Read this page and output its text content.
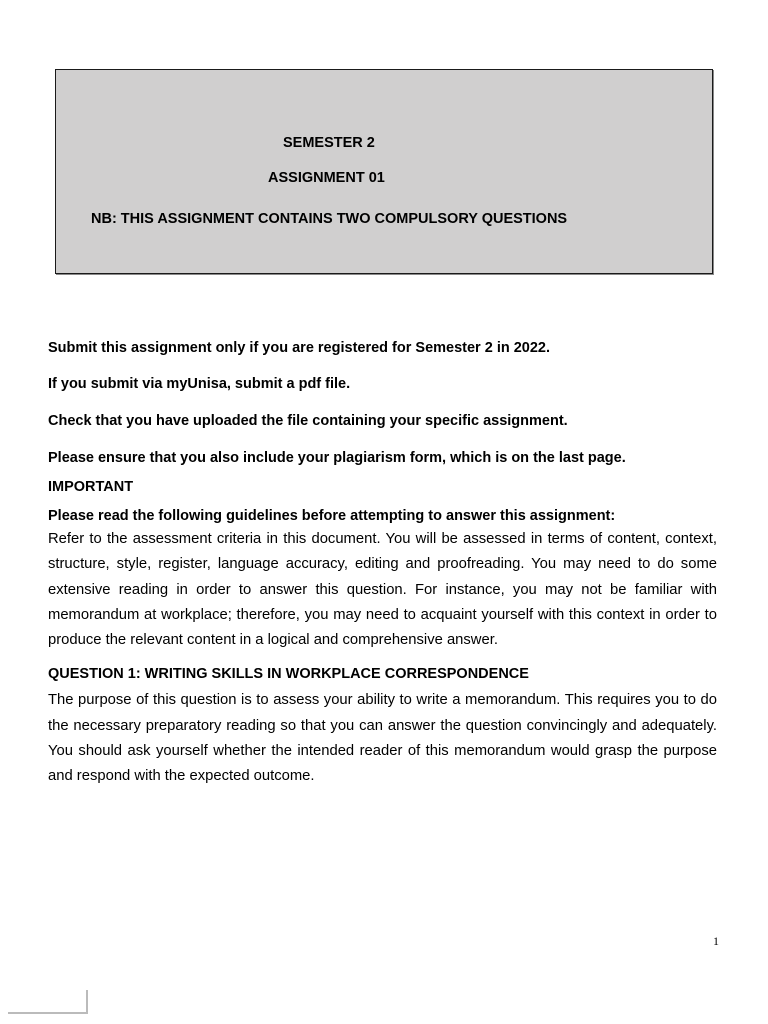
SEMESTER 2
ASSIGNMENT 01
NB: THIS ASSIGNMENT CONTAINS TWO COMPULSORY QUESTIONS

Submit this assignment only if you are registered for Semester 2 in 2022.

If you submit via myUnisa, submit a pdf file.

Check that you have uploaded the file containing your specific assignment.

Please ensure that you also include your plagiarism form, which is on the last page.

IMPORTANT

Please read the following guidelines before attempting to answer this assignment:

Refer to the assessment criteria in this document. You will be assessed in terms of content, context, structure, style, register, language accuracy, editing and proofreading. You may need to do some extensive reading in order to answer this question. For instance, you may not be familiar with memorandum at workplace; therefore, you may need to acquaint yourself with this context in order to produce the relevant content in a logical and comprehensive answer.

QUESTION 1: WRITING SKILLS IN WORKPLACE CORRESPONDENCE

The purpose of this question is to assess your ability to write a memorandum. This requires you to do the necessary preparatory reading so that you can answer the question convincingly and adequately. You should ask yourself whether the intended reader of this memorandum would grasp the purpose and respond with the expected outcome.

1
